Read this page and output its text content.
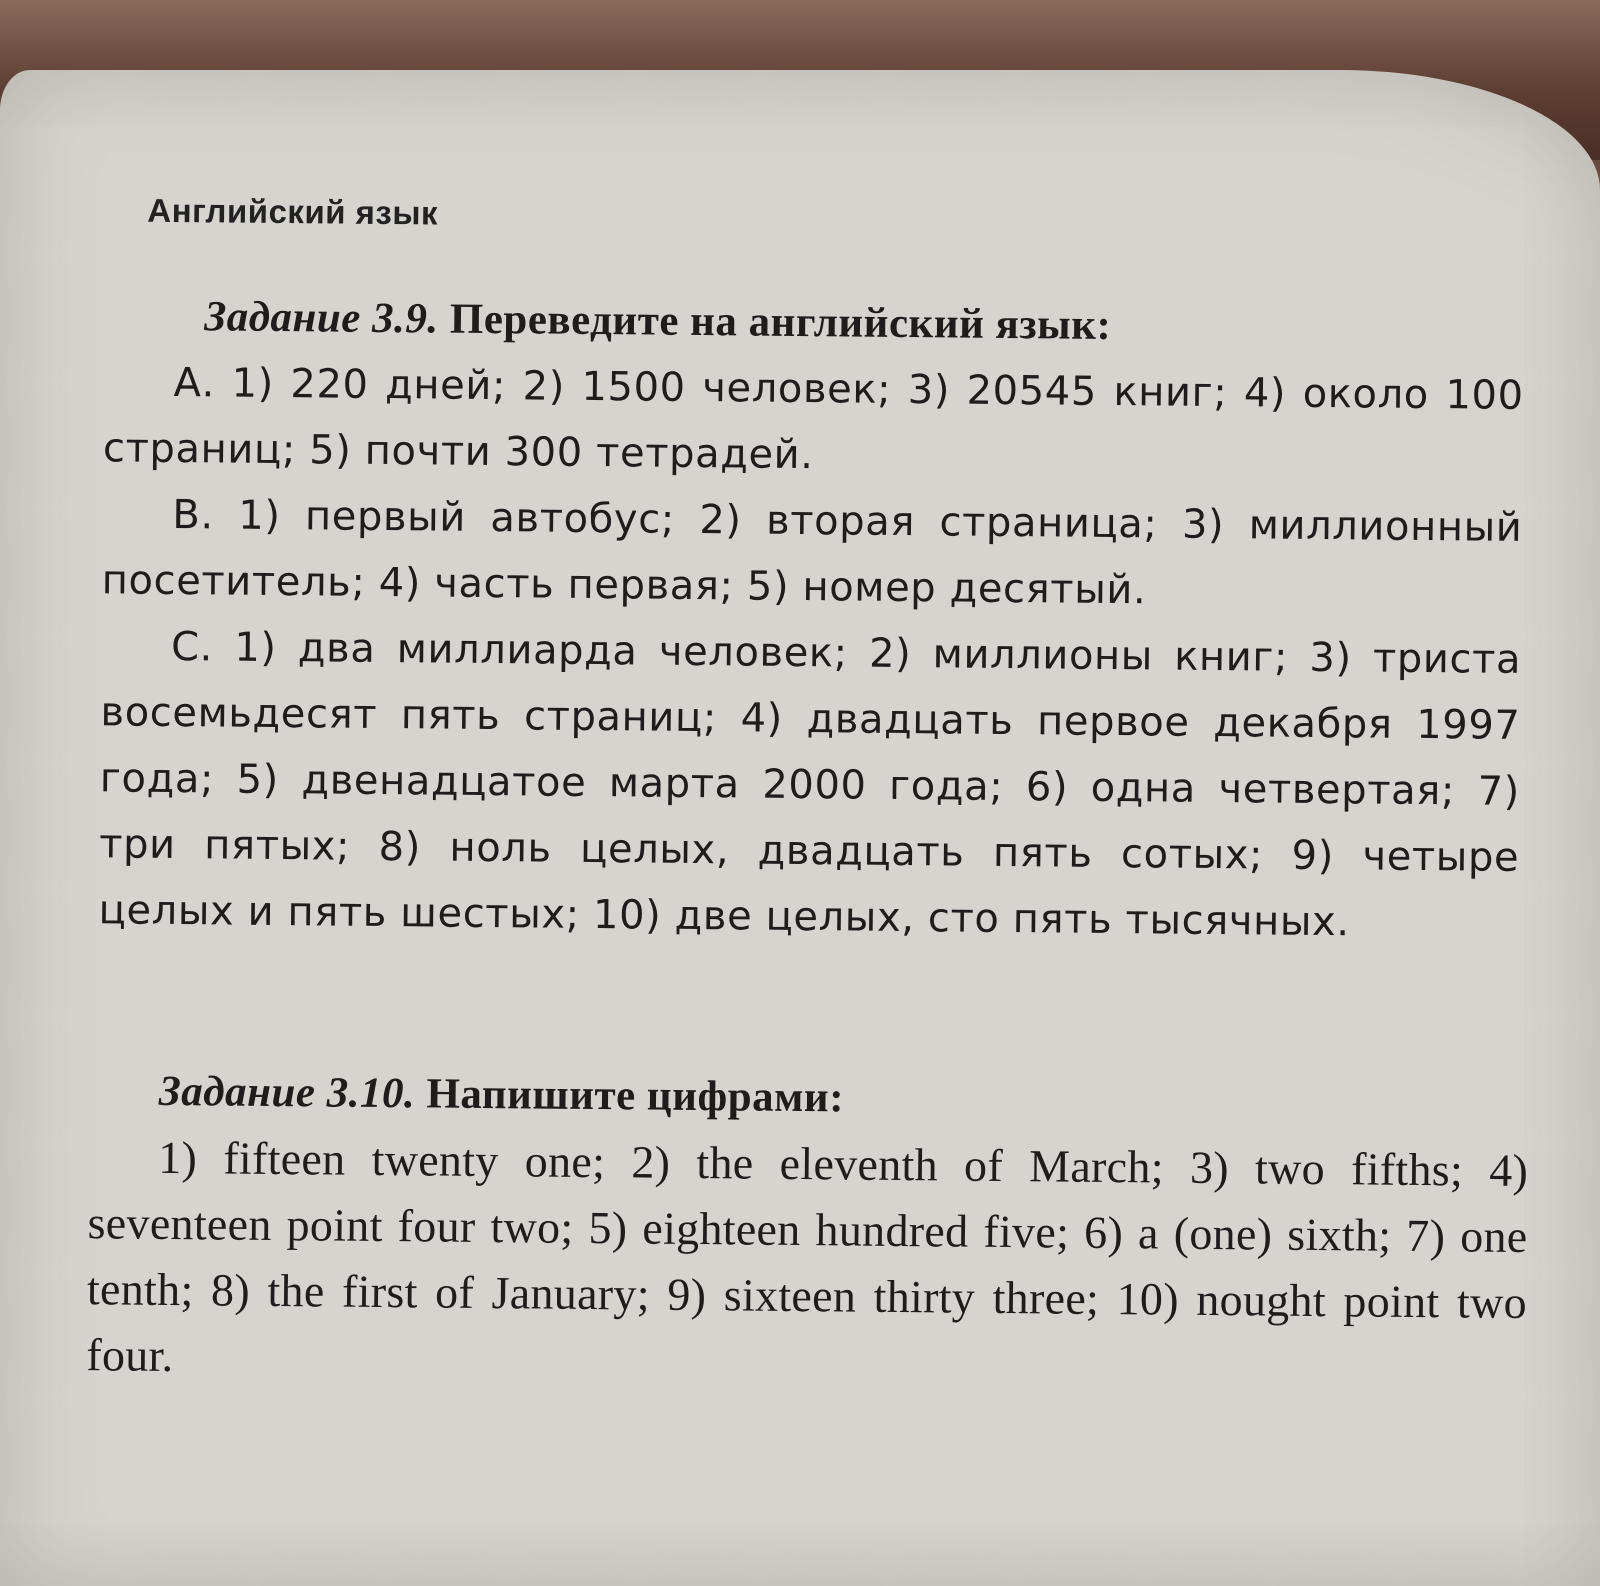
Английский язык

Задание 3.9. Переведите на английский язык:

А. 1) 220 дней; 2) 1500 человек; 3) 20545 книг; 4) около 100 страниц; 5) почти 300 тетрадей.

В. 1) первый автобус; 2) вторая страница; 3) миллионный посетитель; 4) часть первая; 5) номер десятый.

С. 1) два миллиарда человек; 2) миллионы книг; 3) триста восемьдесят пять страниц; 4) двадцать первое декабря 1997 года; 5) двенадцатое марта 2000 года; 6) одна четвертая; 7) три пятых; 8) ноль целых, двадцать пять сотых; 9) четыре целых и пять шестых; 10) две целых, сто пять тысячных.

Задание 3.10. Напишите цифрами:

1) fifteen twenty one; 2) the eleventh of March; 3) two fifths; 4) seventeen point four two; 5) eighteen hundred five; 6) a (one) sixth; 7) one tenth; 8) the first of January; 9) sixteen thirty three; 10) nought point two four.
